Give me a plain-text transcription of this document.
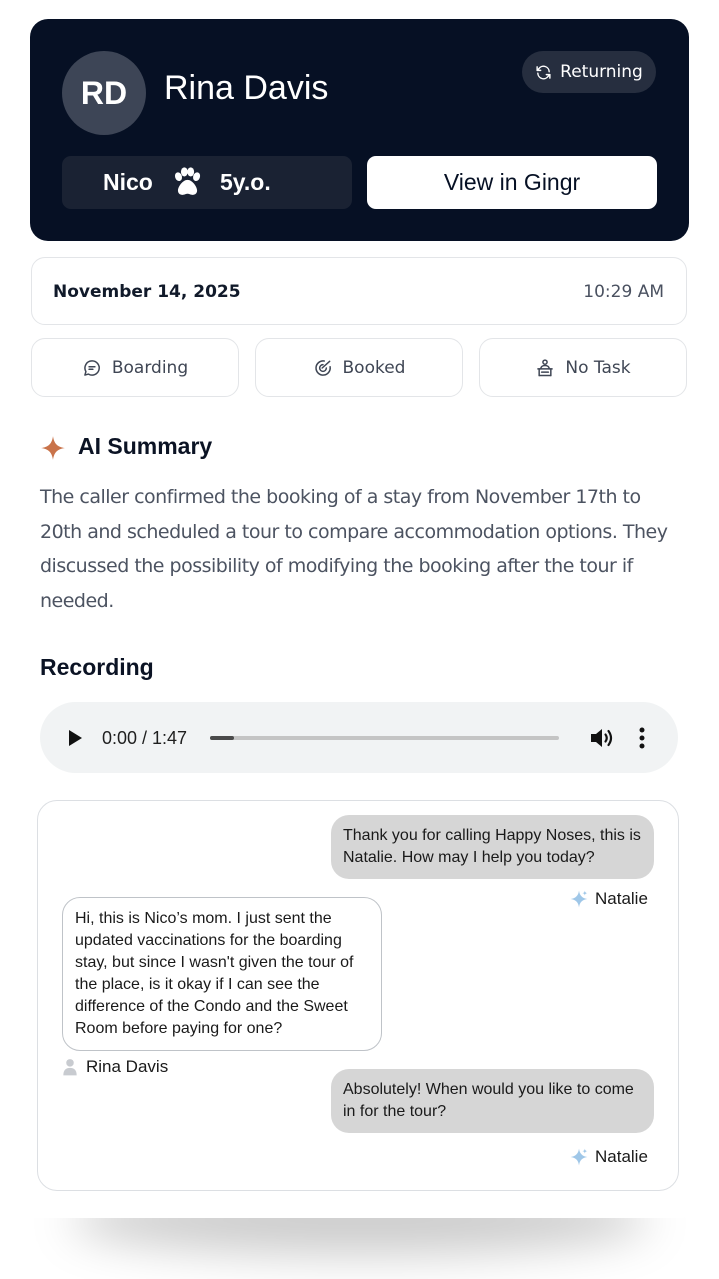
RD	Rina Davis	Returning
Nico	5y.o.	View in Gingr
November 14, 2025	10:29 AM
Boarding	Booked	No Task
AI Summary
The caller confirmed the booking of a stay from November 17th to 20th and scheduled a tour to compare accommodation options. They discussed the possibility of modifying the booking after the tour if needed.
Recording
0:00 / 1:47
Thank you for calling Happy Noses, this is Natalie. How may I help you today?
Natalie
Hi, this is Nico’s mom. I just sent the updated vaccinations for the boarding stay, but since I wasn't given the tour of the place, is it okay if I can see the difference of the Condo and the Sweet Room before paying for one?
Rina Davis
Absolutely! When would you like to come in for the tour?
Natalie
